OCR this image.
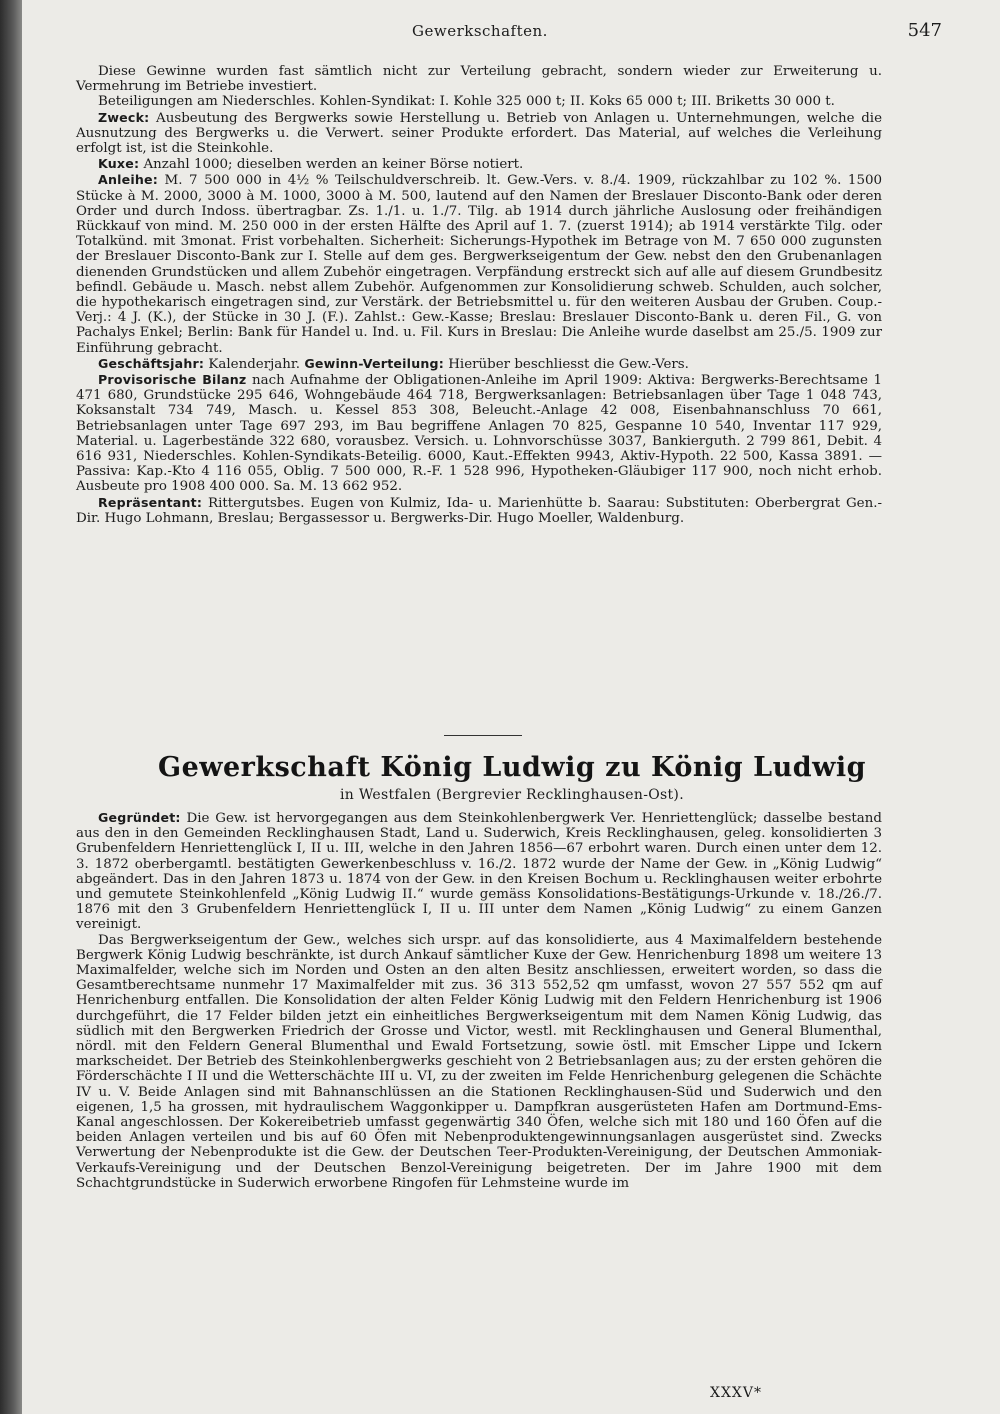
Gewerkschaften.	547

Diese Gewinne wurden fast sämtlich nicht zur Verteilung gebracht, sondern wieder zur Erweiterung u. Vermehrung im Betriebe investiert.

Beteiligungen am Niederschles. Kohlen-Syndikat: I. Kohle 325 000 t; II. Koks 65 000 t; III. Briketts 30 000 t.

Zweck: Ausbeutung des Bergwerks sowie Herstellung u. Betrieb von Anlagen u. Unternehmungen, welche die Ausnutzung des Bergwerks u. die Verwert. seiner Produkte erfordert. Das Material, auf welches die Verleihung erfolgt ist, ist die Steinkohle.

Kuxe: Anzahl 1000; dieselben werden an keiner Börse notiert.

Anleihe: M. 7 500 000 in 4½ % Teilschuldverschreib. lt. Gew.-Vers. v. 8./4. 1909, rückzahlbar zu 102 %. 1500 Stücke à M. 2000, 3000 à M. 1000, 3000 à M. 500, lautend auf den Namen der Breslauer Disconto-Bank oder deren Order und durch Indoss. übertragbar. Zs. 1./1. u. 1./7. Tilg. ab 1914 durch jährliche Auslosung oder freihändigen Rückkauf von mind. M. 250 000 in der ersten Hälfte des April auf 1. 7. (zuerst 1914); ab 1914 verstärkte Tilg. oder Totalkünd. mit 3monat. Frist vorbehalten. Sicherheit: Sicherungs-Hypothek im Betrage von M. 7 650 000 zugunsten der Breslauer Disconto-Bank zur I. Stelle auf dem ges. Bergwerkseigentum der Gew. nebst den den Grubenanlagen dienenden Grundstücken und allem Zubehör eingetragen. Verpfändung erstreckt sich auf alle auf diesem Grundbesitz befindl. Gebäude u. Masch. nebst allem Zubehör. Aufgenommen zur Konsolidierung schweb. Schulden, auch solcher, die hypothekarisch eingetragen sind, zur Verstärk. der Betriebsmittel u. für den weiteren Ausbau der Gruben. Coup.-Verj.: 4 J. (K.), der Stücke in 30 J. (F.). Zahlst.: Gew.-Kasse; Breslau: Breslauer Disconto-Bank u. deren Fil., G. von Pachalys Enkel; Berlin: Bank für Handel u. Ind. u. Fil. Kurs in Breslau: Die Anleihe wurde daselbst am 25./5. 1909 zur Einführung gebracht.

Geschäftsjahr: Kalenderjahr. Gewinn-Verteilung: Hierüber beschliesst die Gew.-Vers.

Provisorische Bilanz nach Aufnahme der Obligationen-Anleihe im April 1909: Aktiva: Bergwerks-Berechtsame 1 471 680, Grundstücke 295 646, Wohngebäude 464 718, Bergwerksanlagen: Betriebsanlagen über Tage 1 048 743, Koksanstalt 734 749, Masch. u. Kessel 853 308, Beleucht.-Anlage 42 008, Eisenbahnanschluss 70 661, Betriebsanlagen unter Tage 697 293, im Bau begriffene Anlagen 70 825, Gespanne 10 540, Inventar 117 929, Material. u. Lagerbestände 322 680, vorausbez. Versich. u. Lohnvorschüsse 3037, Bankierguth. 2 799 861, Debit. 4 616 931, Niederschles. Kohlen-Syndikats-Beteilig. 6000, Kaut.-Effekten 9943, Aktiv-Hypoth. 22 500, Kassa 3891. — Passiva: Kap.-Kto 4 116 055, Oblig. 7 500 000, R.-F. 1 528 996, Hypotheken-Gläubiger 117 900, noch nicht erhob. Ausbeute pro 1908 400 000. Sa. M. 13 662 952.

Repräsentant: Rittergutsbes. Eugen von Kulmiz, Ida- u. Marienhütte b. Saarau: Substituten: Oberbergrat Gen.-Dir. Hugo Lohmann, Breslau; Bergassessor u. Bergwerks-Dir. Hugo Moeller, Waldenburg.

Gewerkschaft König Ludwig zu König Ludwig
in Westfalen (Bergrevier Recklinghausen-Ost).

Gegründet: Die Gew. ist hervorgegangen aus dem Steinkohlenbergwerk Ver. Henriettenglück; dasselbe bestand aus den in den Gemeinden Recklinghausen Stadt, Land u. Suderwich, Kreis Recklinghausen, geleg. konsolidierten 3 Grubenfeldern Henriettenglück I, II u. III, welche in den Jahren 1856—67 erbohrt waren. Durch einen unter dem 12. 3. 1872 oberbergamtl. bestätigten Gewerkenbeschluss v. 16./2. 1872 wurde der Name der Gew. in „König Ludwig“ abgeändert. Das in den Jahren 1873 u. 1874 von der Gew. in den Kreisen Bochum u. Recklinghausen weiter erbohrte und gemutete Steinkohlenfeld „König Ludwig II.“ wurde gemäss Konsolidations-Bestätigungs-Urkunde v. 18./26./7. 1876 mit den 3 Grubenfeldern Henriettenglück I, II u. III unter dem Namen „König Ludwig“ zu einem Ganzen vereinigt.

Das Bergwerkseigentum der Gew., welches sich urspr. auf das konsolidierte, aus 4 Maximalfeldern bestehende Bergwerk König Ludwig beschränkte, ist durch Ankauf sämtlicher Kuxe der Gew. Henrichenburg 1898 um weitere 13 Maximalfelder, welche sich im Norden und Osten an den alten Besitz anschliessen, erweitert worden, so dass die Gesamtberechtsame nunmehr 17 Maximalfelder mit zus. 36 313 552,52 qm umfasst, wovon 27 557 552 qm auf Henrichenburg entfallen. Die Konsolidation der alten Felder König Ludwig mit den Feldern Henrichenburg ist 1906 durchgeführt, die 17 Felder bilden jetzt ein einheitliches Bergwerkseigentum mit dem Namen König Ludwig, das südlich mit den Bergwerken Friedrich der Grosse und Victor, westl. mit Recklinghausen und General Blumenthal, nördl. mit den Feldern General Blumenthal und Ewald Fortsetzung, sowie östl. mit Emscher Lippe und Ickern markscheidet. Der Betrieb des Steinkohlenbergwerks geschieht von 2 Betriebsanlagen aus; zu der ersten gehören die Förderschächte I II und die Wetterschächte III u. VI, zu der zweiten im Felde Henrichenburg gelegenen die Schächte IV u. V. Beide Anlagen sind mit Bahnanschlüssen an die Stationen Recklinghausen-Süd und Suderwich und den eigenen, 1,5 ha grossen, mit hydraulischem Waggonkipper u. Dampfkran ausgerüsteten Hafen am Dortmund-Ems-Kanal angeschlossen. Der Kokereibetrieb umfasst gegenwärtig 340 Öfen, welche sich mit 180 und 160 Öfen auf die beiden Anlagen verteilen und bis auf 60 Öfen mit Nebenproduktengewinnungsanlagen ausgerüstet sind. Zwecks Verwertung der Nebenprodukte ist die Gew. der Deutschen Teer-Produkten-Vereinigung, der Deutschen Ammoniak-Verkaufs-Vereinigung und der Deutschen Benzol-Vereinigung beigetreten. Der im Jahre 1900 mit dem Schachtgrundstücke in Suderwich erworbene Ringofen für Lehmsteine wurde im

XXXV*
